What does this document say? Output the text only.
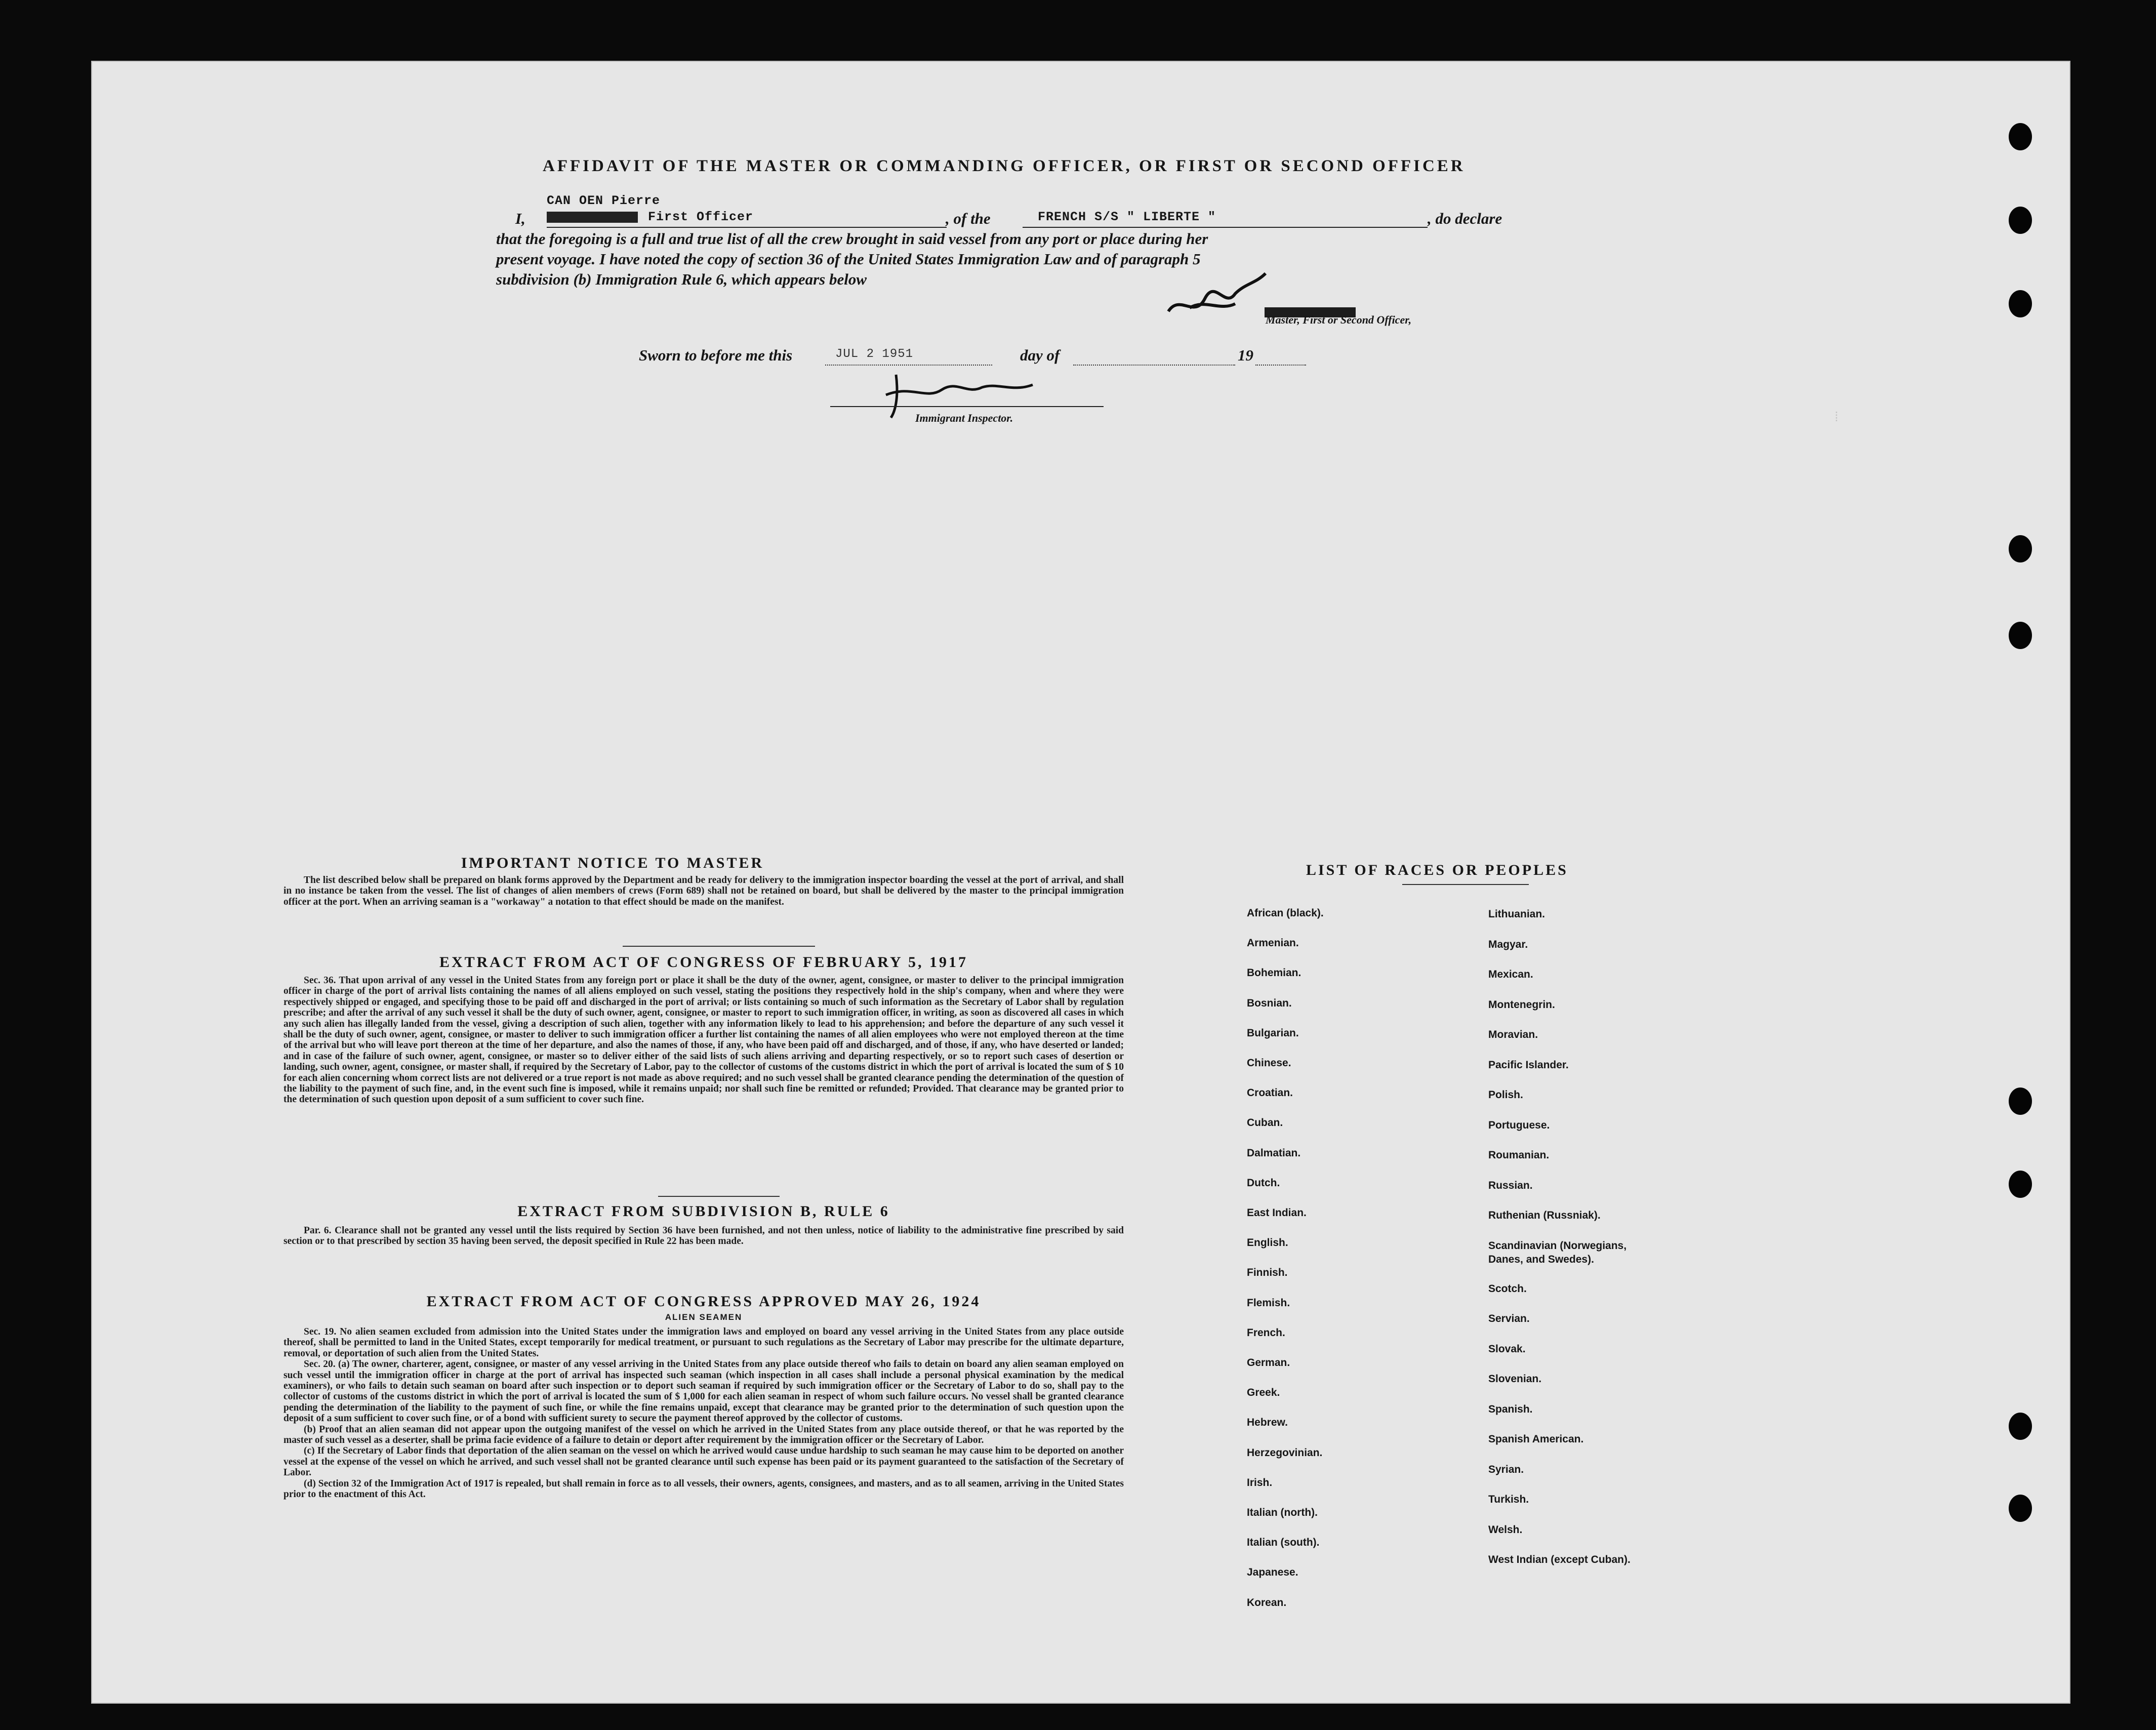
⁞
AFFIDAVIT OF THE MASTER OR COMMANDING OFFICER, OR FIRST OR SECOND OFFICER
CAN OEN Pierre
I,	First Officer	, of the	FRENCH S/S " LIBERTE "	, do declare
that the foregoing is a full and true list of all the crew brought in said vessel from any port or place during her
present voyage. I have noted the copy of section 36 of the United States Immigration Law and of paragraph 5
subdivision (b) Immigration Rule 6, which appears below
Master, First or Second Officer,
Sworn to before me this	JUL 2 1951	day of	19
Immigrant Inspector.
IMPORTANT NOTICE TO MASTER
The list described below shall be prepared on blank forms approved by the Department and be ready for delivery to the immigration inspector boarding the vessel at the port of arrival, and shall in no instance be taken from the vessel. The list of changes of alien members of crews (Form 689) shall not be retained on board, but shall be delivered by the master to the principal immigration officer at the port. When an arriving seaman is a "workaway" a notation to that effect should be made on the manifest.
EXTRACT FROM ACT OF CONGRESS OF FEBRUARY 5, 1917
Sec. 36. That upon arrival of any vessel in the United States from any foreign port or place it shall be the duty of the owner, agent, consignee, or master to deliver to the principal immigration officer in charge of the port of arrival lists containing the names of all aliens employed on such vessel, stating the positions they respectively hold in the ship's company, when and where they were respectively shipped or engaged, and specifying those to be paid off and discharged in the port of arrival; or lists containing so much of such information as the Secretary of Labor shall by regulation prescribe; and after the arrival of any such vessel it shall be the duty of such owner, agent, consignee, or master to report to such immigration officer, in writing, as soon as discovered all cases in which any such alien has illegally landed from the vessel, giving a description of such alien, together with any information likely to lead to his apprehension; and before the departure of any such vessel it shall be the duty of such owner, agent, consignee, or master to deliver to such immigration officer a further list containing the names of all alien employees who were not employed thereon at the time of the arrival but who will leave port thereon at the time of her departure, and also the names of those, if any, who have been paid off and discharged, and of those, if any, who have deserted or landed; and in case of the failure of such owner, agent, consignee, or master so to deliver either of the said lists of such aliens arriving and departing respectively, or so to report such cases of desertion or landing, such owner, agent, consignee, or master shall, if required by the Secretary of Labor, pay to the collector of customs of the customs district in which the port of arrival is located the sum of $ 10 for each alien concerning whom correct lists are not delivered or a true report is not made as above required; and no such vessel shall be granted clearance pending the determination of the question of the liability to the payment of such fine, and, in the event such fine is imposed, while it remains unpaid; nor shall such fine be remitted or refunded; Provided. That clearance may be granted prior to the determination of such question upon deposit of a sum sufficient to cover such fine.
EXTRACT FROM SUBDIVISION B, RULE 6
Par. 6. Clearance shall not be granted any vessel until the lists required by Section 36 have been furnished, and not then unless, notice of liability to the administrative fine prescribed by said section or to that prescribed by section 35 having been served, the deposit specified in Rule 22 has been made.
EXTRACT FROM ACT OF CONGRESS APPROVED MAY 26, 1924
ALIEN SEAMEN
Sec. 19. No alien seamen excluded from admission into the United States under the immigration laws and employed on board any vessel arriving in the United States from any place outside thereof, shall be permitted to land in the United States, except temporarily for medical treatment, or pursuant to such regulations as the Secretary of Labor may prescribe for the ultimate departure, removal, or deportation of such alien from the United States.
Sec. 20. (a) The owner, charterer, agent, consignee, or master of any vessel arriving in the United States from any place outside thereof who fails to detain on board any alien seaman employed on such vessel until the immigration officer in charge at the port of arrival has inspected such seaman (which inspection in all cases shall include a personal physical examination by the medical examiners), or who fails to detain such seaman on board after such inspection or to deport such seaman if required by such immigration officer or the Secretary of Labor to do so, shall pay to the collector of customs of the customs district in which the port of arrival is located the sum of $ 1,000 for each alien seaman in respect of whom such failure occurs. No vessel shall be granted clearance pending the determination of the liability to the payment of such fine, or while the fine remains unpaid, except that clearance may be granted prior to the determination of such question upon the deposit of a sum sufficient to cover such fine, or of a bond with sufficient surety to secure the payment thereof approved by the collector of customs.
(b) Proof that an alien seaman did not appear upon the outgoing manifest of the vessel on which he arrived in the United States from any place outside thereof, or that he was reported by the master of such vessel as a deserter, shall be prima facie evidence of a failure to detain or deport after requirement by the immigration officer or the Secretary of Labor.
(c) If the Secretary of Labor finds that deportation of the alien seaman on the vessel on which he arrived would cause undue hardship to such seaman he may cause him to be deported on another vessel at the expense of the vessel on which he arrived, and such vessel shall not be granted clearance until such expense has been paid or its payment guaranteed to the satisfaction of the Secretary of Labor.
(d) Section 32 of the Immigration Act of 1917 is repealed, but shall remain in force as to all vessels, their owners, agents, consignees, and masters, and as to all seamen, arriving in the United States prior to the enactment of this Act.
LIST OF RACES OR PEOPLES
African (black).
Armenian.
Bohemian.
Bosnian.
Bulgarian.
Chinese.
Croatian.
Cuban.
Dalmatian.
Dutch.
East Indian.
English.
Finnish.
Flemish.
French.
German.
Greek.
Hebrew.
Herzegovinian.
Irish.
Italian (north).
Italian (south).
Japanese.
Korean.
Lithuanian.
Magyar.
Mexican.
Montenegrin.
Moravian.
Pacific Islander.
Polish.
Portuguese.
Roumanian.
Russian.
Ruthenian (Russniak).
Scandinavian (Norwegians, Danes, and Swedes).
Scotch.
Servian.
Slovak.
Slovenian.
Spanish.
Spanish American.
Syrian.
Turkish.
Welsh.
West Indian (except Cuban).
